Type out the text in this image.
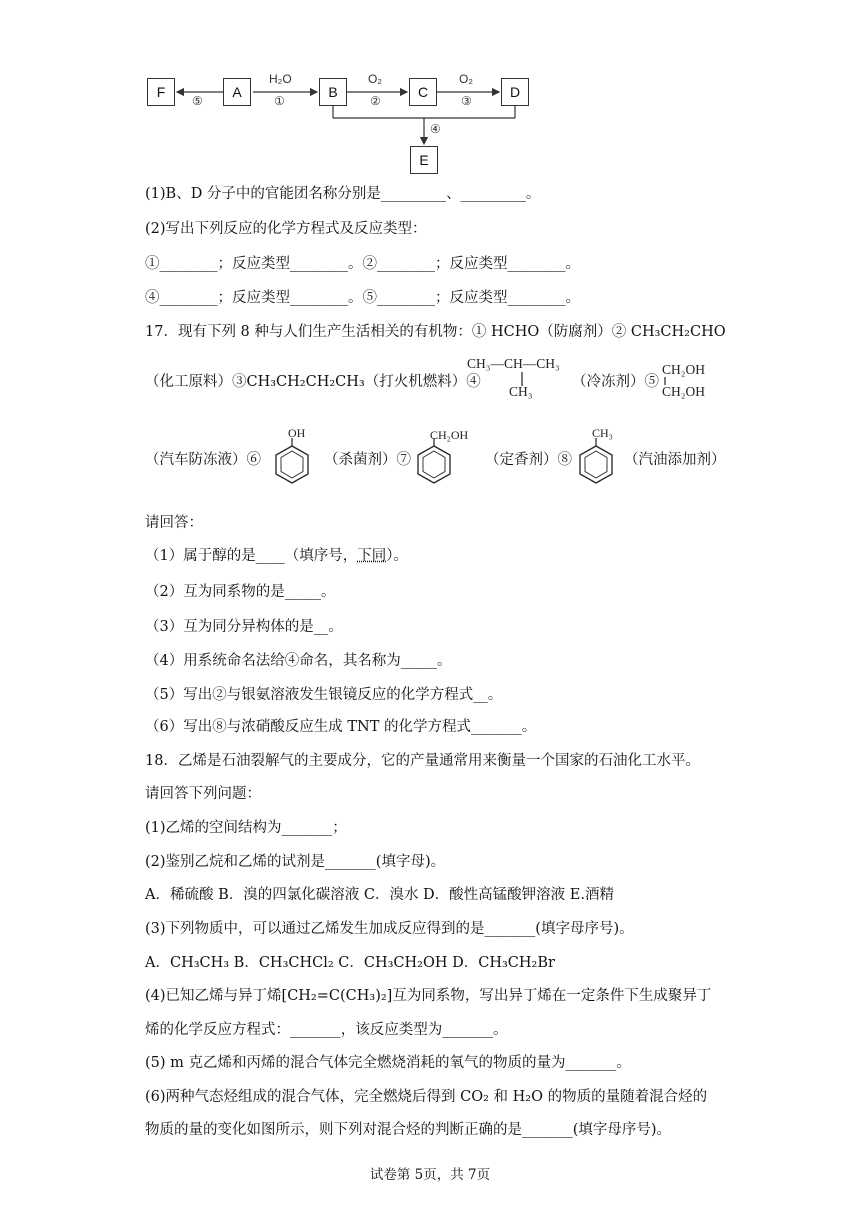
F	A	B	C	D
E
⑤
H₂O
①
O₂
②
O₂
③
④
(1)B、D 分子中的官能团名称分别是_________、_________。
(2)写出下列反应的化学方程式及反应类型：
①________；反应类型________。②________；反应类型________。
④________；反应类型________。⑤________；反应类型________。
17．现有下列 8 种与人们生产生活相关的有机物：① HCHO（防腐剂）② CH₃CH₂CHO
（化工原料）③CH₃CH₂CH₂CH₃（打火机燃料）④
CH₃—CH—CH₃
CH₃
（冷冻剂）⑤
CH₂OH
CH₂OH
（汽车防冻液）⑥
OH
（杀菌剂）⑦
CH₂OH
（定香剂）⑧
CH₃
（汽油添加剂）
请回答：
（1）属于醇的是____（填序号，下同）。
（2）互为同系物的是_____。
（3）互为同分异构体的是__。
（4）用系统命名法给④命名，其名称为_____。
（5）写出②与银氨溶液发生银镜反应的化学方程式__。
（6）写出⑧与浓硝酸反应生成 TNT 的化学方程式_______。
18．乙烯是石油裂解气的主要成分，它的产量通常用来衡量一个国家的石油化工水平。
请回答下列问题：
(1)乙烯的空间结构为_______；
(2)鉴别乙烷和乙烯的试剂是_______(填字母)。
A．稀硫酸 B．溴的四氯化碳溶液 C．溴水 D．酸性高锰酸钾溶液 E.酒精
(3)下列物质中，可以通过乙烯发生加成反应得到的是_______(填字母序号)。
A．CH₃CH₃ B．CH₃CHCl₂ C．CH₃CH₂OH D．CH₃CH₂Br
(4)已知乙烯与异丁烯[CH₂=C(CH₃)₂]互为同系物，写出异丁烯在一定条件下生成聚异丁
烯的化学反应方程式：_______，该反应类型为_______。
(5) m 克乙烯和丙烯的混合气体完全燃烧消耗的氧气的物质的量为_______。
(6)两种气态烃组成的混合气体，完全燃烧后得到 CO₂ 和 H₂O 的物质的量随着混合烃的
物质的量的变化如图所示，则下列对混合烃的判断正确的是_______(填字母序号)。
试卷第 5页，共 7页
